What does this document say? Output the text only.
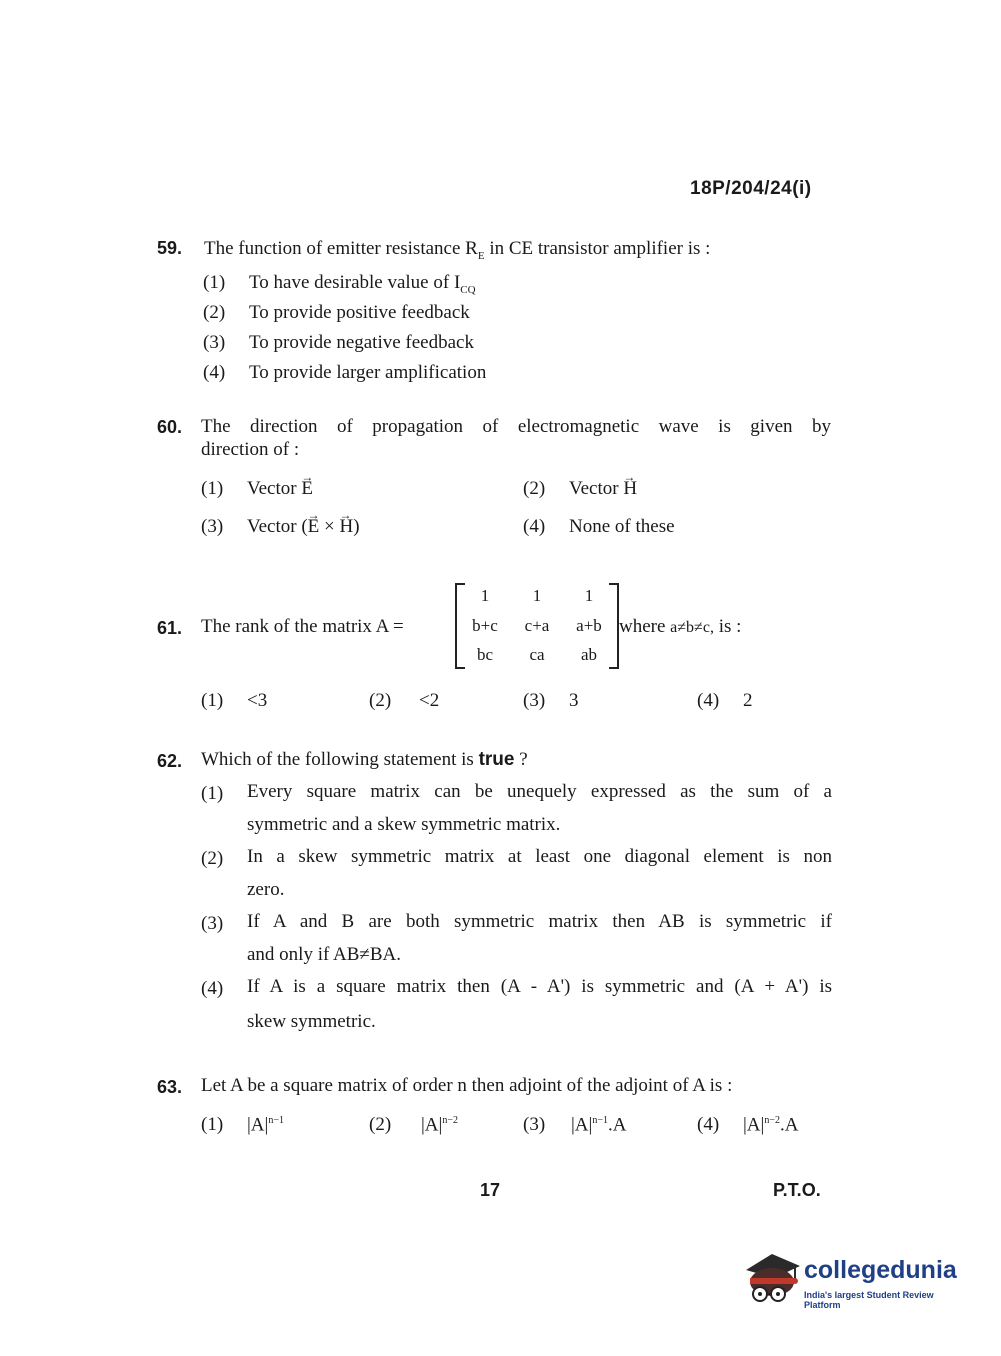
18P/204/24(i)
59. The function of emitter resistance $R_E$ in CE transistor amplifier is :
(1) To have desirable value of $I_{CQ}$
(2) To provide positive feedback
(3) To provide negative feedback
(4) To provide larger amplification
60. The direction of propagation of electromagnetic wave is given by
direction of :
(1) Vector → E	(2) Vector → H
(3) Vector (→ E × → H)	(4) None of these
61. The rank of the matrix A =
1	1	1
b+c	c+a	a+b
bc	ca	ab
where a≠b≠c, is :
(1) <3	(2) <2	(3) 3	(4) 2
62. Which of the following statement is true ?
(1) Every square matrix can be unequely expressed as the sum of a
symmetric and a skew symmetric matrix.
(2) In a skew symmetric matrix at least one diagonal element is non
zero.
(3) If A and B are both symmetric matrix then AB is symmetric if
and only if AB≠BA.
(4) If A is a square matrix then (A - A') is symmetric and (A + A') is
skew symmetric.
63. Let A be a square matrix of order n then adjoint of the adjoint of A is :
(1) $|A|^{n-1}$	(2) $|A|^{n-2}$	(3) $|A|^{n-1}.A$	(4) $|A|^{n-2}.A$
17	P.T.O.
collegedunia
India's largest Student Review Platform
